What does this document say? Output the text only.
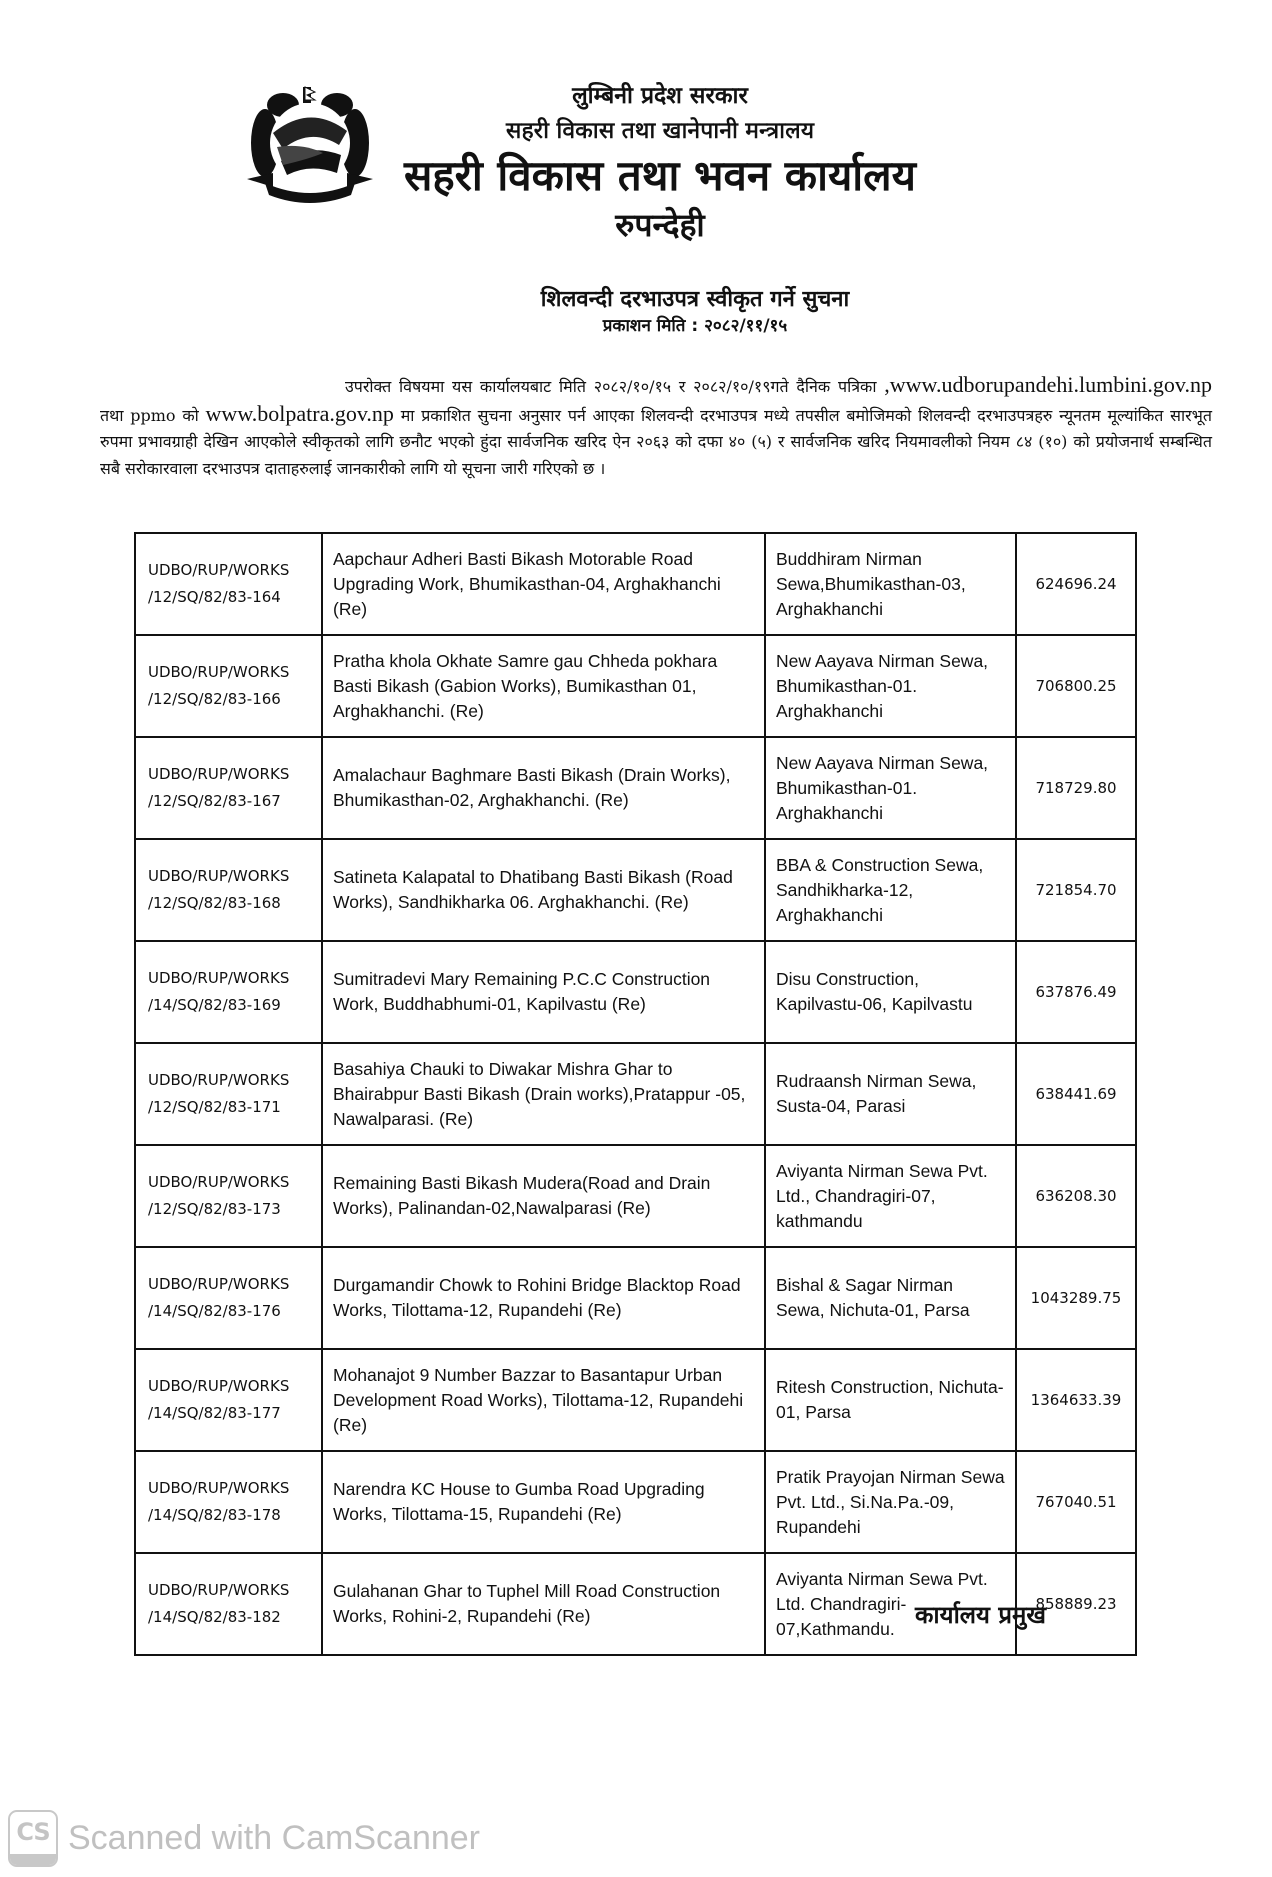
लुम्बिनी प्रदेश सरकार
सहरी विकास तथा खानेपानी मन्त्रालय
सहरी विकास तथा भवन कार्यालय
रुपन्देही
शिलवन्दी दरभाउपत्र स्वीकृत गर्ने सुचना
प्रकाशन मिति : २०८२/११/१५
उपरोक्त विषयमा यस कार्यालयबाट मिति २०८२/१०/१५ र २०८२/१०/१९गते दैनिक पत्रिका ,www.udborupandehi.lumbini.gov.np तथा ppmo को www.bolpatra.gov.np मा प्रकाशित सुचना अनुसार पर्न आएका शिलवन्दी दरभाउपत्र मध्ये तपसील बमोजिमको शिलवन्दी दरभाउपत्रहरु न्यूनतम मूल्यांकित सारभूत रुपमा प्रभावग्राही देखिन आएकोले स्वीकृतको लागि छनौट भएको हुंदा सार्वजनिक खरिद ऐन २०६३ को दफा ४० (५) र सार्वजनिक खरिद नियमावलीको नियम ८४ (१०) को प्रयोजनार्थ सम्बन्धित सबै सरोकारवाला दरभाउपत्र दाताहरुलाई जानकारीको लागि यो सूचना जारी गरिएको छ ।
UDBO/RUP/WORKS
/12/SQ/82/83-164	Aapchaur Adheri Basti Bikash Motorable Road Upgrading Work, Bhumikasthan-04, Arghakhanchi (Re)	Buddhiram Nirman Sewa,Bhumikasthan-03, Arghakhanchi	624696.24

UDBO/RUP/WORKS
/12/SQ/82/83-166	Pratha khola Okhate Samre gau Chheda pokhara Basti Bikash (Gabion Works), Bumikasthan 01, Arghakhanchi. (Re)	New Aayava Nirman Sewa, Bhumikasthan-01. Arghakhanchi	706800.25

UDBO/RUP/WORKS
/12/SQ/82/83-167	Amalachaur Baghmare Basti Bikash (Drain Works), Bhumikasthan-02, Arghakhanchi. (Re)	New Aayava Nirman Sewa, Bhumikasthan-01. Arghakhanchi	718729.80

UDBO/RUP/WORKS
/12/SQ/82/83-168	Satineta Kalapatal to Dhatibang Basti Bikash (Road Works), Sandhikharka 06. Arghakhanchi. (Re)	BBA & Construction Sewa, Sandhikharka-12, Arghakhanchi	721854.70

UDBO/RUP/WORKS
/14/SQ/82/83-169	Sumitradevi Mary Remaining P.C.C Construction Work, Buddhabhumi-01, Kapilvastu (Re)	Disu Construction, Kapilvastu-06, Kapilvastu	637876.49

UDBO/RUP/WORKS
/12/SQ/82/83-171	Basahiya Chauki to Diwakar Mishra Ghar to Bhairabpur Basti Bikash (Drain works),Pratappur -05, Nawalparasi. (Re)	Rudraansh Nirman Sewa, Susta-04, Parasi	638441.69

UDBO/RUP/WORKS
/12/SQ/82/83-173	Remaining Basti Bikash Mudera(Road and Drain Works), Palinandan-02,Nawalparasi (Re)	Aviyanta Nirman Sewa Pvt. Ltd., Chandragiri-07, kathmandu	636208.30

UDBO/RUP/WORKS
/14/SQ/82/83-176	Durgamandir Chowk to Rohini Bridge Blacktop Road Works, Tilottama-12, Rupandehi (Re)	Bishal & Sagar Nirman Sewa, Nichuta-01, Parsa	1043289.75

UDBO/RUP/WORKS
/14/SQ/82/83-177	Mohanajot 9 Number Bazzar to Basantapur Urban Development Road Works), Tilottama-12, Rupandehi (Re)	Ritesh Construction, Nichuta-01, Parsa	1364633.39

UDBO/RUP/WORKS
/14/SQ/82/83-178	Narendra KC House to Gumba Road Upgrading Works, Tilottama-15, Rupandehi (Re)	Pratik Prayojan Nirman Sewa Pvt. Ltd., Si.Na.Pa.-09, Rupandehi	767040.51

UDBO/RUP/WORKS
/14/SQ/82/83-182	Gulahanan Ghar to Tuphel Mill Road Construction Works, Rohini-2, Rupandehi (Re)	Aviyanta Nirman Sewa Pvt. Ltd. Chandragiri-07,Kathmandu.	858889.23
कार्यालय प्रमुख
CS Scanned with CamScanner
